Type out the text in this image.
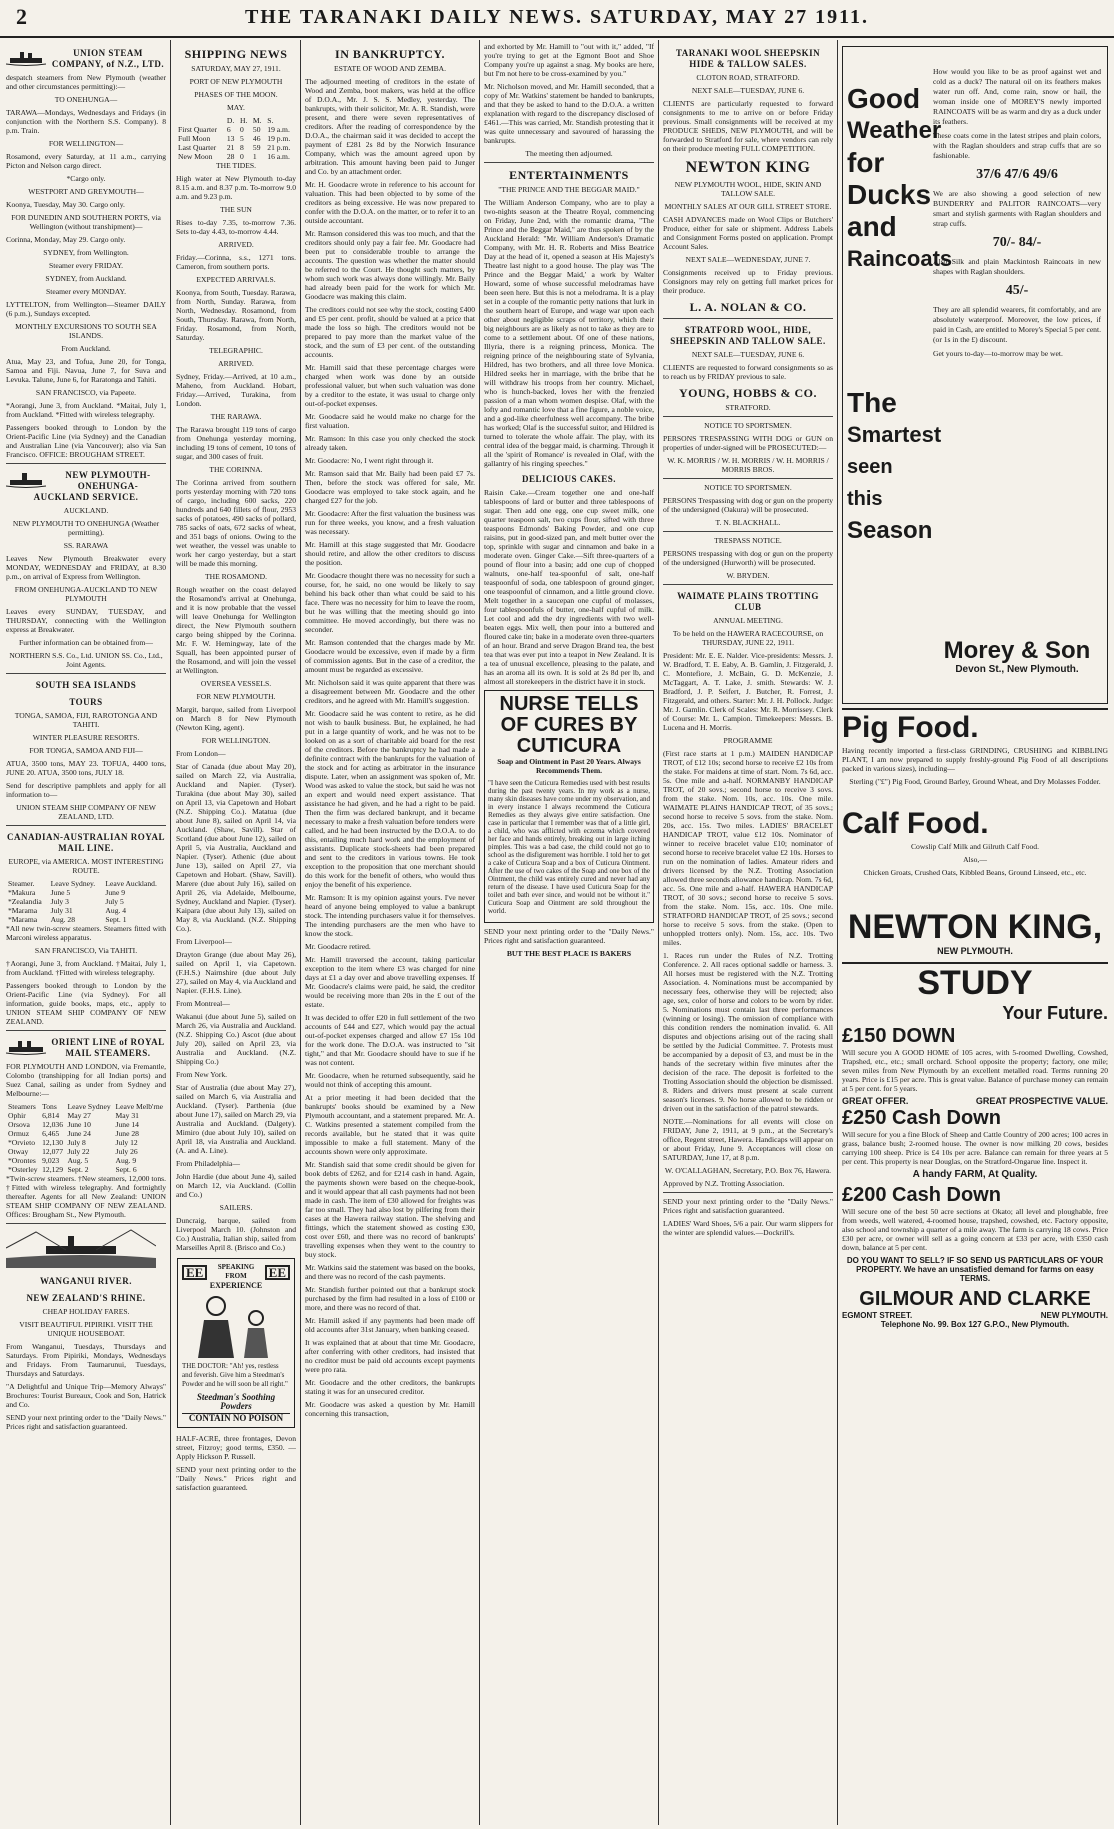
2	THE TARANAKI DAILY NEWS. SATURDAY, MAY 27 1911.
UNION STEAM COMPANY, of N.Z., LTD.

despatch steamers from New Plymouth (weather and other circumstances permitting):—

TO ONEHUNGA—

TARAWA—Mondays, Wednesdays and Fridays (in conjunction with the Northern S.S. Company). 8 p.m. Train.

FOR WELLINGTON—

Rosamond, every Saturday, at 11 a.m., carrying Picton and Nelson cargo direct.

*Cargo only.

WESTPORT AND GREYMOUTH—

Koonya, Tuesday, May 30. Cargo only.

FOR DUNEDIN AND SOUTHERN PORTS, via Wellington (without transhipment)—

Corinna, Monday, May 29. Cargo only.

SYDNEY, from Wellington.

Steamer every FRIDAY.

SYDNEY, from Auckland.

Steamer every MONDAY.

LYTTELTON, from Wellington—Steamer DAILY (6 p.m.), Sundays excepted.

MONTHLY EXCURSIONS TO SOUTH SEA ISLANDS.

From Auckland.

Atua, May 23, and Tofua, June 20, for Tonga, Samoa and Fiji. Navua, June 7, for Suva and Levuka. Talune, June 6, for Raratonga and Tahiti.

SAN FRANCISCO, via Papeete.

*Aorangi, June 3, from Auckland. *Maitai, July 1, from Auckland. *Fitted with wireless telegraphy.

Passengers booked through to London by the Orient-Pacific Line (via Sydney) and the Canadian and Australian Line (via Vancouver); also via San Francisco. OFFICE: BROUGHAM STREET.

NEW PLYMOUTH-ONEHUNGA-AUCKLAND SERVICE.

AUCKLAND.

NEW PLYMOUTH TO ONEHUNGA (Weather permitting).

SS. RARAWA

Leaves New Plymouth Breakwater every MONDAY, WEDNESDAY and FRIDAY, at 8.30 p.m., on arrival of Express from Wellington.

FROM ONEHUNGA-AUCKLAND TO NEW PLYMOUTH

Leaves every SUNDAY, TUESDAY, and THURSDAY, connecting with the Wellington express at Breakwater.

Further information can be obtained from—

NORTHERN S.S. Co., Ltd. UNION SS. Co., Ltd., Joint Agents.

SOUTH SEA ISLANDS
TOURS

TONGA, SAMOA, FIJI, RAROTONGA AND TAHITI.

WINTER PLEASURE RESORTS.

FOR TONGA, SAMOA AND FIJI—

ATUA, 3500 tons, MAY 23. TOFUA, 4400 tons, JUNE 20. ATUA, 3500 tons, JULY 18.

Send for descriptive pamphlets and apply for all information to—

UNION STEAM SHIP COMPANY OF NEW ZEALAND, LTD.

CANADIAN-AUSTRALIAN ROYAL MAIL LINE.

EUROPE, via AMERICA. MOST INTERESTING ROUTE.

Steamer.	Leave Sydney.	Leave Auckland.
*Makura	June 5	June 9
*Zealandia	July 3	July 5
*Marama	July 31	Aug. 4
*Marama	Aug. 28	Sept. 1

*All new twin-screw steamers. Steamers fitted with Marconi wireless apparatus.

SAN FRANCISCO, Via TAHITI.

†Aorangi, June 3, from Auckland. †Maitai, July 1, from Auckland. †Fitted with wireless telegraphy.

Passengers booked through to London by the Orient-Pacific Line (via Sydney). For all information, guide books, maps, etc., apply to UNION STEAM SHIP COMPANY OF NEW ZEALAND.

ORIENT LINE of ROYAL MAIL STEAMERS.

FOR PLYMOUTH AND LONDON, via Fremantle, Colombo (transhipping for all Indian ports) and Suez Canal, sailing as under from Sydney and Melbourne:—

Steamers	Tons	Leave Sydney	Leave Melb'rne
Ophir	6,814	May 27	May 31
Orsova	12,036	June 10	June 14
Ormuz	6,465	June 24	June 28
*Orvieto	12,130	July 8	July 12
Otway	12,077	July 22	July 26
*Orontes	9,023	Aug. 5	Aug. 9
*Osterley	12,129	Sept. 2	Sept. 6

*Twin-screw steamers. †New steamers, 12,000 tons. †Fitted with wireless telegraphy. And fortnightly thereafter. Agents for all New Zealand: UNION STEAM SHIP COMPANY OF NEW ZEALAND. Offices: Brougham St., New Plymouth.

WANGANUI RIVER.
NEW ZEALAND'S RHINE.

CHEAP HOLIDAY FARES.

VISIT BEAUTIFUL PIPIRIKI. VISIT THE UNIQUE HOUSEBOAT.

From Wanganui, Tuesdays, Thursdays and Saturdays. From Pipiriki, Mondays, Wednesdays and Fridays. From Taumarunui, Tuesdays, Thursdays and Saturdays.

"A Delightful and Unique Trip—Memory Always" Brochures: Tourist Bureaux, Cook and Son, Hatrick and Co.

SEND your next printing order to the "Daily News." Prices right and satisfaction guaranteed.

SHIPPING NEWS

SATURDAY, MAY 27, 1911.

PORT OF NEW PLYMOUTH

PHASES OF THE MOON.

MAY.

	D.	H.	M.	S.
First Quarter	6	0	50	19 a.m.
Full Moon	13	5	46	19 p.m.
Last Quarter	21	8	59	21 p.m.
New Moon	28	0	1	16 a.m.

THE TIDES.

High water at New Plymouth to-day 8.15 a.m. and 8.37 p.m. To-morrow 9.0 a.m. and 9.23 p.m.

THE SUN

Rises to-day 7.35, to-morrow 7.36. Sets to-day 4.43, to-morrow 4.44.

ARRIVED.

Friday.—Corinna, s.s., 1271 tons. Cameron, from southern ports.

EXPECTED ARRIVALS.

Koonya, from South, Tuesday. Rarawa, from North, Sunday. Rarawa, from North, Wednesday. Rosamond, from South, Thursday. Rarawa, from North, Friday. Rosamond, from North, Saturday.

TELEGRAPHIC.

ARRIVED.

Sydney, Friday.—Arrived, at 10 a.m., Maheno, from Auckland. Hobart, Friday.—Arrived, Turakina, from London.

THE RARAWA.

The Rarawa brought 119 tons of cargo from Onehunga yesterday morning, including 19 tons of cement, 10 tons of sugar, and 300 cases of fruit.

THE CORINNA.

The Corinna arrived from southern ports yesterday morning with 720 tons of cargo, including 600 sacks, 220 hundreds and 640 fillets of flour, 2953 sacks of potatoes, 490 sacks of pollard, 785 sacks of oats, 672 sacks of wheat, and 351 bags of onions. Owing to the wet weather, the vessel was unable to work her cargo yesterday, but a start will be made this morning.

THE ROSAMOND.

Rough weather on the coast delayed the Rosamond's arrival at Onehunga, and it is now probable that the vessel will leave Onehunga for Wellington direct, the New Plymouth southern cargo being shipped by the Corinna. Mr. F. W. Hemingway, late of the Squall, has been appointed purser of the Rosamond, and will join the vessel at Wellington.

OVERSEA VESSELS.

FOR NEW PLYMOUTH.

Margit, barque, sailed from Liverpool on March 8 for New Plymouth (Newton King, agent).

FOR WELLINGTON.

From London—

Star of Canada (due about May 20), sailed on March 22, via Australia, Auckland and Napier. (Tyser). Turakina (due about May 30), sailed on April 13, via Capetown and Hobart (N.Z. Shipping Co.). Matatua (due about June 8), sailed on April 14, via Auckland. (Shaw, Savill). Star of Scotland (due about June 12), sailed on April 5, via Australia, Auckland and Napier. (Tyser). Athenic (due about June 13), sailed on April 27, via Capetown and Hobart. (Shaw, Savill). Marere (due about July 16), sailed on April 26, via Adelaide, Melbourne, Sydney, Auckland and Napier. (Tyser). Kaipara (due about July 13), sailed on May 8, via Auckland. (N.Z. Shipping Co.).

From Liverpool—

Drayton Grange (due about May 26), sailed on April 1, via Capetown. (F.H.S.) Nairnshire (due about July 27), sailed on May 4, via Auckland and Napier. (F.H.S. Line).

From Montreal—

Wakanui (due about June 5), sailed on March 26, via Australia and Auckland. (N.Z. Shipping Co.) Ascot (due about July 20), sailed on April 23, via Australia and Auckland. (N.Z. Shipping Co.)

From New York.

Star of Australia (due about May 27), sailed on March 6, via Australia and Auckland. (Tyser). Parthenia (due about June 17), sailed on March 29, via Australia and Auckland. (Dalgety). Mimiro (due about July 10), sailed on April 18, via Australia and Auckland. (A. and A. Line).

From Philadelphia—

John Hardie (due about June 4), sailed on March 12, via Auckland. (Collin and Co.)

SAILERS.

Duncraig, barque, sailed from Liverpool March 10. (Johnston and Co.) Australia, Italian ship, sailed from Marseilles April 8. (Brisco and Co.)

EE	SPEAKING FROM	EE
EXPERIENCE

THE DOCTOR: "Ah! yes, restless and feverish. Give him a Steedman's Powder and he will soon be all right."

Steedman's Soothing Powders
CONTAIN NO POISON

HALF-ACRE, three frontages, Devon street, Fitzroy; good terms, £350. —Apply Hickson P. Russell.

SEND your next printing order to the "Daily News." Prices right and satisfaction guaranteed.

IN BANKRUPTCY.

ESTATE OF WOOD AND ZEMBA.

The adjourned meeting of creditors in the estate of Wood and Zemba, boot makers, was held at the office of D.O.A., Mr. J. S. S. Medley, yesterday. The bankrupts, with their solicitor, Mr. A. R. Standish, were present, and there were seven representatives of creditors. After the reading of correspondence by the D.O.A., the chairman said it was decided to accept the payment of £281 2s 8d by the Norwich Insurance Company, which was the amount agreed upon by arbitration. This amount having been paid to Junger and Co. by an attachment order.

Mr. H. Goodacre wrote in reference to his account for valuation. This had been objected to by some of the creditors as being excessive. He was now prepared to confer with the D.O.A. on the matter, or to refer it to an outside accountant.

Mr. Ramson considered this was too much, and that the creditors should only pay a fair fee. Mr. Goodacre had been put to considerable trouble to arrange the accounts. The question was whether the matter should be referred to the Court. He thought such matters, by whom such work was always done willingly. Mr. Baily had already been paid for the work for which Mr. Goodacre was making this claim.

The creditors could not see why the stock, costing £400 and £5 per cent. profit, should be valued at a price that made the loss so high. The creditors would not be prepared to pay more than the market value of the stock, and the sum of £3 per cent. of the outstanding accounts.

Mr. Hamill said that these percentage charges were charged when work was done by an outside professional valuer, but when such valuation was done by a creditor to the estate, it was usual to charge only out-of-pocket expenses.

Mr. Goodacre said he would make no charge for the first valuation.

Mr. Ramson: In this case you only checked the stock already taken.

Mr. Goodacre: No, I went right through it.

Mr. Ramson said that Mr. Baily had been paid £7 7s. Then, before the stock was offered for sale, Mr. Goodacre was employed to take stock again, and he charged £27 for the job.

Mr. Goodacre: After the first valuation the business was run for three weeks, you know, and a fresh valuation was necessary.

Mr. Hamill at this stage suggested that Mr. Goodacre should retire, and allow the other creditors to discuss the position.

Mr. Goodacre thought there was no necessity for such a course, for, he said, no one would be likely to say behind his back other than what could be said to his face. There was no necessity for him to leave the room, but he was willing that the meeting should go into committee. He moved accordingly, but there was no seconder.

Mr. Ramson contended that the charges made by Mr. Goodacre would be excessive, even if made by a firm of commission agents. But in the case of a creditor, the amount must be regarded as excessive.

Mr. Nicholson said it was quite apparent that there was a disagreement between Mr. Goodacre and the other creditors, and he agreed with Mr. Hamill's suggestion.

Mr. Goodacre said he was content to retire, as he did not wish to baulk business. But, he explained, he had put in a large quantity of work, and he was not to be looked on as a sort of charitable aid board for the rest of the creditors. Before the bankruptcy he had made a definite contract with the bankrupts for the valuation of the stock and for acting as arbitrator in the insurance dispute. Later, when an assignment was spoken of, Mr. Wood was asked to value the stock, but said he was not an expert and would need expert assistance. That assistance he had given, and he had a right to be paid. Then the firm was declared bankrupt, and it became necessary to make a fresh valuation before tenders were called, and he had been instructed by the D.O.A. to do this, entailing much hard work and the employment of assistants. Duplicate stock-sheets had been prepared and sent to the creditors in various towns. He took exception to the proposition that one merchant should do this work for the benefit of others, who would thus enjoy the benefit of his experience.

Mr. Ramson: It is my opinion against yours. I've never heard of anyone being employed to value a bankrupt stock. The intending purchasers value it for themselves. The intending purchasers are the men who have to know the stock.

Mr. Goodacre retired.

Mr. Hamill traversed the account, taking particular exception to the item where £3 was charged for nine days at £1 a day over and above travelling expenses. If Mr. Goodacre's claims were paid, he said, the creditor would be receiving more than 20s in the £ out of the estate.

It was decided to offer £20 in full settlement of the two accounts of £44 and £27, which would pay the actual out-of-pocket expenses charged and allow £7 15s 10d for the work done. The D.O.A. was instructed to "sit tight," and that Mr. Goodacre should have to sue if he was not content.

Mr. Goodacre, when he returned subsequently, said he would not think of accepting this amount.

At a prior meeting it had been decided that the bankrupts' books should be examined by a New Plymouth accountant, and a statement prepared. Mr. A. C. Watkins presented a statement compiled from the records available, but he stated that it was quite impossible to make a full statement. Many of the accounts shown were only approximate.

Mr. Standish said that some credit should be given for book debts of £262, and for £214 cash in hand. Again, the payments shown were based on the cheque-book, and it would appear that all cash payments had not been made in cash. The item of £30 allowed for freights was far too small. They had also lost by pilfering from their cases at the Hawera railway station. The shelving and fittings, which the statement showed as costing £30, cost over £60, and there was no record of bankrupts' travelling expenses when they went to the country to buy stock.

Mr. Watkins said the statement was based on the books, and there was no record of the cash payments.

Mr. Standish further pointed out that a bankrupt stock purchased by the firm had resulted in a loss of £100 or more, and there was no record of that.

Mr. Hamill asked if any payments had been made off old accounts after 31st January, when banking ceased.

It was explained that at about that time Mr. Goodacre, after conferring with other creditors, had insisted that no creditor must be paid old accounts except payments were pro rata.

Mr. Goodacre and the other creditors, the bankrupts stating it was for an unsecured creditor.

Mr. Goodacre was asked a question by Mr. Hamill concerning this transaction,

and exhorted by Mr. Hamill to "out with it," added, "If you're trying to get at the Egmont Boot and Shoe Company you're up against a snag. My books are here, but I'm not here to be cross-examined by you."

Mr. Nicholson moved, and Mr. Hamill seconded, that a copy of Mr. Watkins' statement be handed to bankrupts, and that they be asked to hand to the D.O.A. a written explanation with regard to the discrepancy disclosed of £461.—This was carried, Mr. Standish protesting that it was quite unnecessary and savoured of harassing the bankrupts.

The meeting then adjourned.

ENTERTAINMENTS

"THE PRINCE AND THE BEGGAR MAID."

The William Anderson Company, who are to play a two-nights season at the Theatre Royal, commencing on Friday, June 2nd, with the romantic drama, "The Prince and the Beggar Maid," are thus spoken of by the Auckland Herald: "Mr. William Anderson's Dramatic Company, with Mr. H. R. Roberts and Miss Beatrice Day at the head of it, opened a season at His Majesty's Theatre last night to a good house. The play was 'The Prince and the Beggar Maid,' a work by Walter Howard, some of whose successful melodramas have been seen here. But this is not a melodrama. It is a play set in a couple of the romantic petty nations that lurk in the southern heart of Europe, and wage war upon each other about negligible scraps of territory, which their big neighbours are as likely as not to take as they are to come to a settlement about. Of one of these nations, Illyria, there is a reigning princess, Monica. The reigning prince of the neighbouring state of Sylvania, Hildred, has two brothers, and all three love Monica. Hildred seeks her in marriage, with the bribe that he will withdraw his troops from her country. Michael, who is hunch-backed, loves her with the frenzied passion of a man whom women despise. Olaf, with the lofty and romantic love that a fine figure, a noble voice, and a god-like cheerfulness well accompany. The bribe has worked; Olaf is the successful suitor, and Hildred is turned to tolerate the whole affair. The play, with its central idea of the beggar maid, is charming. Through it all the 'spirit of Romance' is revealed in Olaf, with the gallantry of his ringing speeches."

DELICIOUS CAKES.

Raisin Cake.—Cream together one and one-half tablespoons of lard or butter and three tablespoons of sugar. Then add one egg, one cup sweet milk, one quarter teaspoon salt, two cups flour, sifted with three teaspoons Edmonds' Baking Powder, and one cup raisins, put in good-sized pan, and melt butter over the top, sprinkle with sugar and cinnamon and bake in a moderate oven. Ginger Cake.—Sift three-quarters of a pound of flour into a basin; add one cup of chopped walnuts, one-half tea-spoonful of salt, one-half teaspoonful of soda, one tablespoon of ground ginger, one teaspoonful of cinnamon, and a little ground clove. Melt together in a saucepan one cupful of molasses, four tablespoonfuls of butter, one-half cupful of milk. Let cool and add the dry ingredients with two well-beaten eggs. Mix well, then pour into a buttered and floured cake tin; bake in a moderate oven three-quarters of an hour. Brand and serve Dragon Brand tea, the best tea that was ever put into a teapot in New Zealand. It is a tea of unusual excellence, pleasing to the palate, and has an aroma all its own. It is sold at 2s 8d per lb, and almost all storekeepers in the district have it in stock.

NURSE TELLS OF CURES BY CUTICURA

Soap and Ointment in Past 20 Years. Always Recommends Them.

"I have seen the Cuticura Remedies used with best results during the past twenty years. In my work as a nurse, many skin diseases have come under my observation, and in every instance I always recommend the Cuticura Remedies as they always give entire satisfaction. One case in particular that I remember was that of a little girl, a child, who was afflicted with eczema which covered her face and hands entirely, breaking out in large itching pimples. This was a bad case, the child could not go to school as the disfigurement was horrible. I told her to get a cake of Cuticura Soap and a box of Cuticura Ointment. After the use of two cakes of the Soap and one box of the Ointment, the child was entirely cured and never had any return of the disease. I have used Cuticura Soap for the toilet and bath ever since, and would not be without it." Cuticura Soap and Ointment are sold throughout the world.

SEND your next printing order to the "Daily News." Prices right and satisfaction guaranteed.

BUT THE BEST PLACE IS BAKERS

TARANAKI WOOL SHEEPSKIN HIDE & TALLOW SALES.

CLOTON ROAD, STRATFORD.

NEXT SALE—TUESDAY, JUNE 6.

CLIENTS are particularly requested to forward consignments to me to arrive on or before Friday previous. Small consignments will be received at my PRODUCE SHEDS, NEW PLYMOUTH, and will be forwarded to Stratford for sale, where vendors can rely on their produce meeting FULL COMPETITION.

NEWTON KING

NEW PLYMOUTH WOOL, HIDE, SKIN AND TALLOW SALE.

MONTHLY SALES AT OUR GILL STREET STORE.

CASH ADVANCES made on Wool Clips or Butchers' Produce, either for sale or shipment. Address Labels and Consignment Forms posted on application. Prompt Account Sales.

NEXT SALE—WEDNESDAY, JUNE 7.

Consignments received up to Friday previous. Consignors may rely on getting full market prices for their produce.

L. A. NOLAN & CO.
STRATFORD WOOL, HIDE, SHEEPSKIN AND TALLOW SALE.

NEXT SALE—TUESDAY, JUNE 6.

CLIENTS are requested to forward consignments so as to reach us by FRIDAY previous to sale.

YOUNG, HOBBS & CO.

STRATFORD.

NOTICE TO SPORTSMEN.

PERSONS TRESPASSING WITH DOG or GUN on properties of under-signed will be PROSECUTED:—

W. K. MORRIS / W. H. MORRIS / W. H. MORRIS / MORRIS BROS.

NOTICE TO SPORTSMEN.

PERSONS Trespassing with dog or gun on the property of the undersigned (Oakura) will be prosecuted.

T. N. BLACKHALL.

TRESPASS NOTICE.

PERSONS trespassing with dog or gun on the property of the undersigned (Hurworth) will be prosecuted.

W. BRYDEN.

WAIMATE PLAINS TROTTING CLUB

ANNUAL MEETING.

To be held on the HAWERA RACECOURSE, on THURSDAY, JUNE 22, 1911.

President: Mr. E. E. Nalder. Vice-presidents: Messrs. J. W. Bradford, T. E. Eaby, A. B. Gamlin, J. Fitzgerald, J. C. Montefiore, J. McBain, G. D. McKenzie, J. McTaggart, A. T. Lake, J. smith. Stewards: W. J. Bradford, J. P. Seifert, J. Butcher, R. Forrest, J. Fitzgerald, and others. Starter: Mr. J. H. Pollock. Judge: Mr. J. Gamlin. Clerk of Scales: Mr. R. Morrissey. Clerk of Course: Mr. L. Campion. Timekeepers: Messrs. B. Lucena and H. Morris.

PROGRAMME

(First race starts at 1 p.m.) MAIDEN HANDICAP TROT, of £12 10s; second horse to receive £2 10s from the stake. For maidens at time of start. Nom. 7s 6d, acc. 5s. One mile and a-half. NORMANBY HANDICAP TROT, of 20 sovs.; second horse to receive 3 sovs. from the stake. Nom. 10s, acc. 10s. One mile. WAIMATE PLAINS HANDICAP TROT, of 35 sovs.; second horse to receive 5 sovs. from the stake. Nom. 20s, acc. 15s. Two miles. LADIES' BRACELET HANDICAP TROT, value £12 10s. Nominator of winner to receive bracelet value £10; nominator of second horse to receive bracelet value £2 10s. Horses to run on the nomination of ladies. Amateur riders and drivers licensed by the N.Z. Trotting Association allowed three seconds allowance handicap. Nom. 7s 6d, acc. 5s. One mile and a-half. HAWERA HANDICAP TROT, of 30 sovs.; second horse to receive 5 sovs. from the stake. Nom. 15s, acc. 10s. One mile. STRATFORD HANDICAP TROT, of 25 sovs.; second horse to receive 5 sovs. from the stake. (Open to unhoppled trotters only). Nom. 15s, acc. 10s. Two miles.

1. Races run under the Rules of N.Z. Trotting Conference. 2. All races optional saddle or harness. 3. All horses must be registered with the N.Z. Trotting Association. 4. Nominations must be accompanied by necessary fees, otherwise they will be rejected; also age, sex, color of horse and colors to be worn by rider. 5. Nominations must contain last three performances (winning or losing). The omission of compliance with this condition renders the nomination invalid. 6. All disputes and objections arising out of the racing shall be settled by the Judicial Committee. 7. Protests must be accompanied by a deposit of £3, and must be in the hands of the secretary within five minutes after the decision of the race. The deposit is forfeited to the Trotting Association should the objection be dismissed. 8. Riders and drivers must present at scale current season's licenses. 9. No horse allowed to be ridden or driven out in the satisfaction of the patrol stewards.

NOTE.—Nominations for all events will close on FRIDAY, June 2, 1911, at 9 p.m., at the Secretary's office, Regent street, Hawera. Handicaps will appear on or about Friday, June 9. Acceptances will close on SATURDAY, June 17, at 8 p.m.

W. O'CALLAGHAN, Secretary, P.O. Box 76, Hawera.

Approved by N.Z. Trotting Association.

SEND your next printing order to the "Daily News." Prices right and satisfaction guaranteed.

LADIES' Ward Shoes, 5/6 a pair. Our warm slippers for the winter are splendid values.—Dockrill's.

Good
Weather
for
Ducks
and
Raincoats
The
Smartest
seen this
Season

How would you like to be as proof against wet and cold as a duck? The natural oil on its feathers makes water run off. And, come rain, snow or hail, the woman inside one of MOREY'S newly imported RAINCOATS will be as warm and dry as a duck under its feathers.

These coats come in the latest stripes and plain colors, with the Raglan shoulders and strap cuffs that are so fashionable.

37/6 47/6 49/6

We are also showing a good selection of new BUNDERRY and PALITOR RAINCOATS—very smart and stylish garments with Raglan shoulders and strap cuffs.

70/- 84/-

Also Silk and plain Mackintosh Raincoats in new shapes with Raglan shoulders.

45/-

They are all splendid wearers, fit comfortably, and are absolutely waterproof. Moreover, the low prices, if paid in Cash, are entitled to Morey's Special 5 per cent. (or 1s in the £) discount.

Get yours to-day—to-morrow may be wet.

Morey & Son
Devon St., New Plymouth.
Pig Food.

Having recently imported a first-class GRINDING, CRUSHING and KIBBLING PLANT, I am now prepared to supply freshly-ground Pig Food of all descriptions packed in various sizes), including—

Sterling ("£") Pig Food, Ground Barley, Ground Wheat, and Dry Molasses Fodder.

Calf Food.

Cowslip Calf Milk and Gilruth Calf Food.

Also,—

Chicken Groats, Crushed Oats, Kibbled Beans, Ground Linseed, etc., etc.

NEWTON KING,

NEW PLYMOUTH.

STUDY
Your Future.
£150 DOWN

Will secure you A GOOD HOME of 105 acres, with 5-roomed Dwelling, Cowshed, Trapshed, etc., etc.; small orchard. School opposite the property; factory, one mile; seven miles from New Plymouth by an excellent metalled road. Terms running 20 years. Price is £15 per acre. This is great value. Balance of purchase money can remain at 5 per cent. for 5 years.

GREAT OFFER.	GREAT PROSPECTIVE VALUE.
£250 Cash Down

Will secure for you a fine Block of Sheep and Cattle Country of 200 acres; 100 acres in grass, balance bush; 2-roomed house. The owner is now milking 20 cows, besides carrying 100 sheep. Price is £4 10s per acre. Balance can remain for three years at 5 per cent. This property is near Douglas, on the Stratford-Ongarue line. Inspect it.

A handy FARM, At Quality.

£200 Cash Down

Will secure one of the best 50 acre sections at Okato; all level and ploughable, free from weeds, well watered, 4-roomed house, trapshed, cowshed, etc. Factory opposite, also school and township a quarter of a mile away. The farm is carrying 18 cows. Price £30 per acre, or owner will sell as a going concern at £33 per acre, with £350 cash down, balance at 5 per cent.

DO YOU WANT TO SELL? IF SO SEND US PARTICULARS OF YOUR PROPERTY. We have an unsatisfied demand for farms on easy TERMS.

GILMOUR AND CLARKE
EGMONT STREET.	NEW PLYMOUTH.

Telephone No. 99. Box 127 G.P.O., New Plymouth.
